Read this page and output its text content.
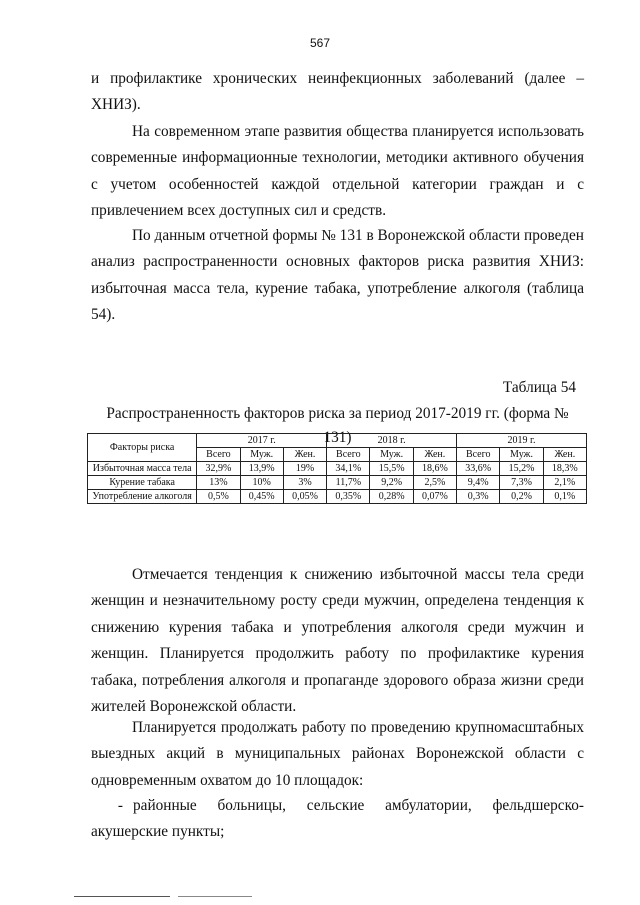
567
и профилактике хронических неинфекционных заболеваний (далее – ХНИЗ).
На современном этапе развития общества планируется использовать современные информационные технологии, методики активного обучения с учетом особенностей каждой отдельной категории граждан и с привлечением всех доступных сил и средств.
По данным отчетной формы № 131 в Воронежской области проведен анализ распространенности основных факторов риска развития ХНИЗ: избыточная масса тела, курение табака, употребление алкоголя (таблица 54).
Таблица 54
Распространенность факторов риска за период 2017-2019 гг. (форма № 131)
Факторы риска	2017 г.			2018 г.			2019 г.		
	Всего	Муж.	Жен.	Всего	Муж.	Жен.	Всего	Муж.	Жен.
Избыточная масса тела	32,9%	13,9%	19%	34,1%	15,5%	18,6%	33,6%	15,2%	18,3%
Курение табака	13%	10%	3%	11,7%	9,2%	2,5%	9,4%	7,3%	2,1%
Употребление алкоголя	0,5%	0,45%	0,05%	0,35%	0,28%	0,07%	0,3%	0,2%	0,1%
Отмечается тенденция к снижению избыточной массы тела среди женщин и незначительному росту среди мужчин, определена тенденция к снижению курения табака и употребления алкоголя среди мужчин и женщин. Планируется продолжить работу по профилактике курения табака, потребления алкоголя и пропаганде здорового образа жизни среди жителей Воронежской области.
Планируется продолжать работу по проведению крупномасштабных выездных акций в муниципальных районах Воронежской области с одновременным охватом до 10 площадок:
- районные больницы, сельские амбулатории, фельдшерско-акушерские пункты;
